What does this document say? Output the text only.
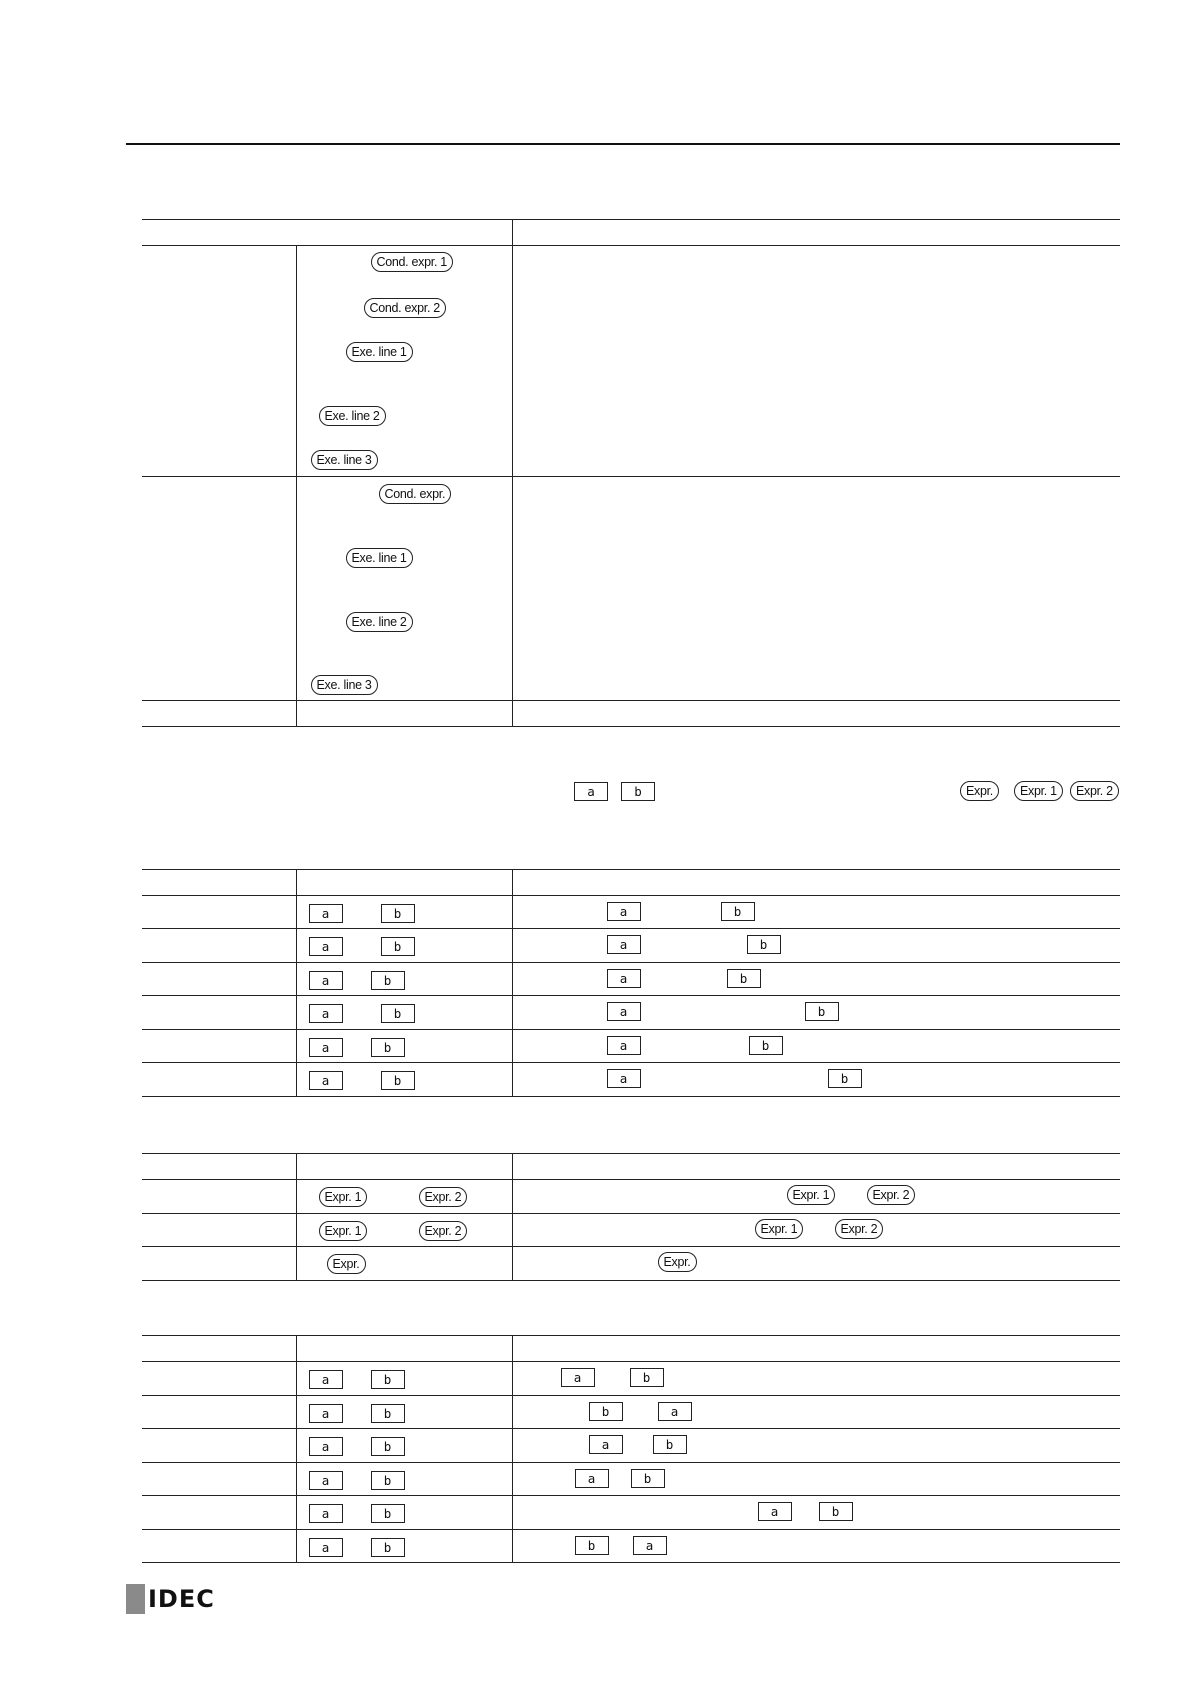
	Cond. expr. 1
Cond. expr. 2
Exe. line 1
Exe. line 2
Exe. line 3	

	Cond. expr.
Exe. line 1
Exe. line 2
Exe. line 3	

a	b	Expr.	Expr. 1	Expr. 2

	a b	a b

	a b	a b

	a b	a b

	a b	a b

	a b	a b

	a b	a b

	Expr. 1 Expr. 2	Expr. 1 Expr. 2

	Expr. 1 Expr. 2	Expr. 1 Expr. 2

	Expr.	Expr.

	a b	a b

	a b	b a

	a b	a b

	a b	a b

	a b	a b

	a b	b a
IDEC
